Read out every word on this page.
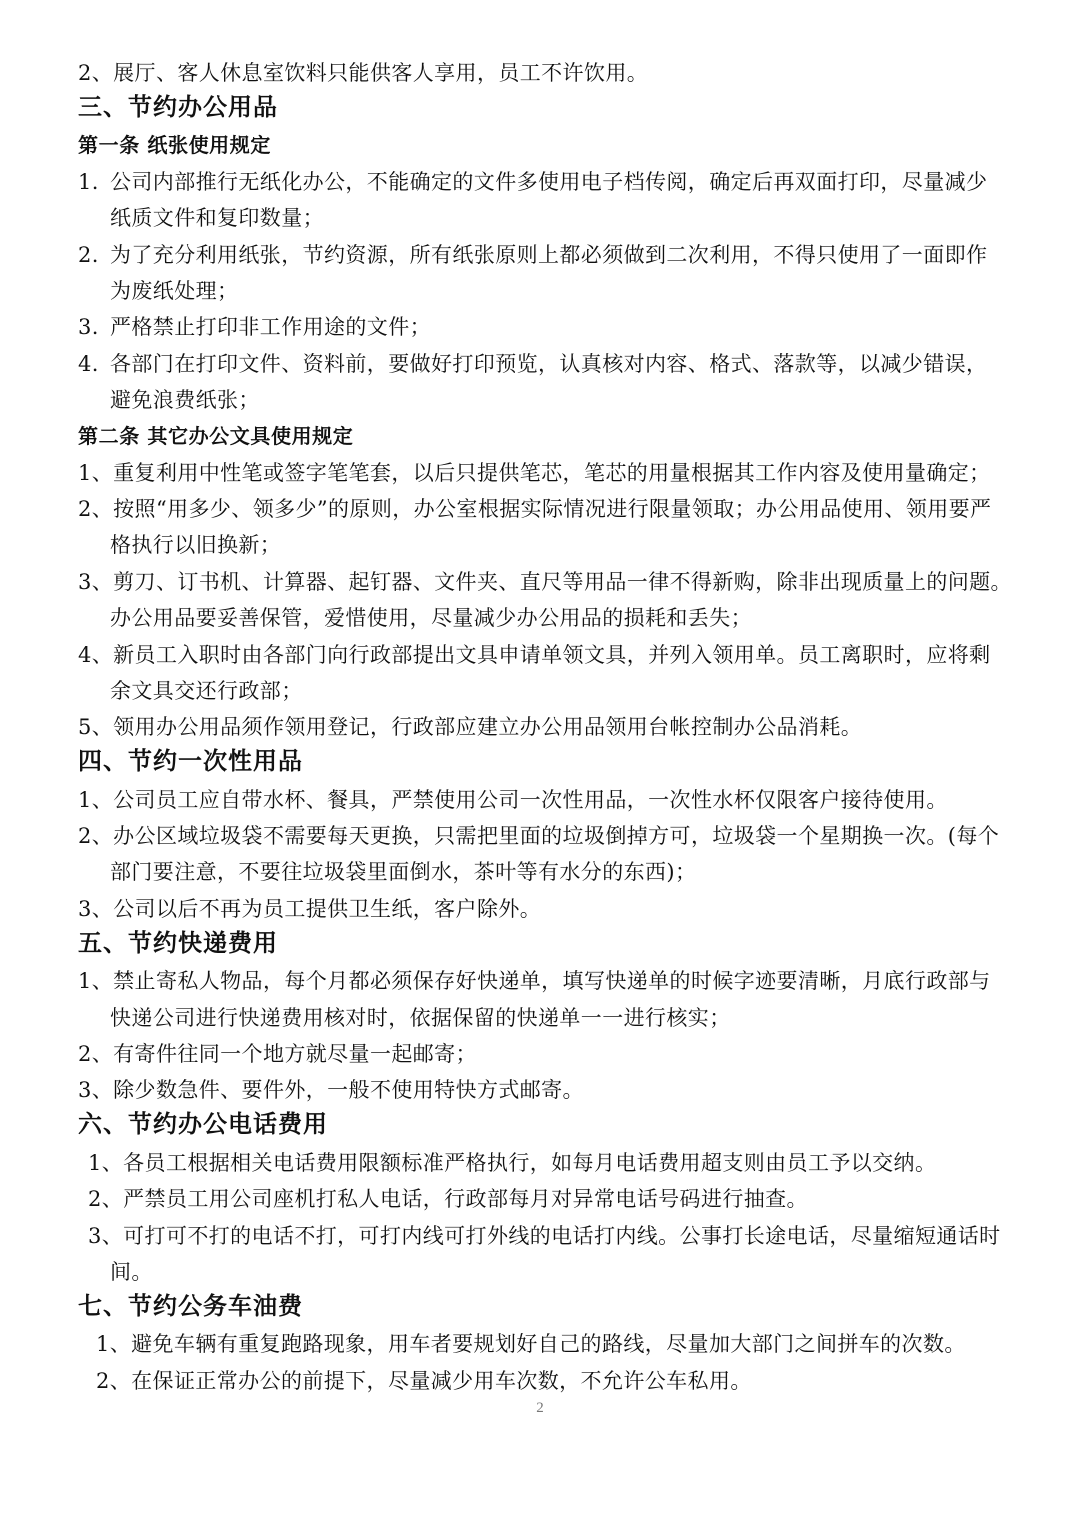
2、展厅、客人休息室饮料只能供客人享用，员工不许饮用。
三、节约办公用品
第一条 纸张使用规定
1. 公司内部推行无纸化办公，不能确定的文件多使用电子档传阅，确定后再双面打印，尽量减少
纸质文件和复印数量；
2. 为了充分利用纸张，节约资源，所有纸张原则上都必须做到二次利用，不得只使用了一面即作
为废纸处理；
3. 严格禁止打印非工作用途的文件；
4. 各部门在打印文件、资料前，要做好打印预览，认真核对内容、格式、落款等，以减少错误，
避免浪费纸张；
第二条 其它办公文具使用规定
1、重复利用中性笔或签字笔笔套，以后只提供笔芯，笔芯的用量根据其工作内容及使用量确定；
2、按照“用多少、领多少”的原则，办公室根据实际情况进行限量领取；办公用品使用、领用要严
格执行以旧换新；
3、剪刀、订书机、计算器、起钉器、文件夹、直尺等用品一律不得新购，除非出现质量上的问题。
办公用品要妥善保管，爱惜使用，尽量减少办公用品的损耗和丢失；
4、新员工入职时由各部门向行政部提出文具申请单领文具，并列入领用单。员工离职时，应将剩
余文具交还行政部；
5、领用办公用品须作领用登记，行政部应建立办公用品领用台帐控制办公品消耗。
四、节约一次性用品
1、公司员工应自带水杯、餐具，严禁使用公司一次性用品，一次性水杯仅限客户接待使用。
2、办公区域垃圾袋不需要每天更换，只需把里面的垃圾倒掉方可，垃圾袋一个星期换一次。(每个
部门要注意，不要往垃圾袋里面倒水，茶叶等有水分的东西)；
3、公司以后不再为员工提供卫生纸，客户除外。
五、节约快递费用
1、禁止寄私人物品，每个月都必须保存好快递单，填写快递单的时候字迹要清晰，月底行政部与
快递公司进行快递费用核对时，依据保留的快递单一一进行核实；
2、有寄件往同一个地方就尽量一起邮寄；
3、除少数急件、要件外，一般不使用特快方式邮寄。
六、节约办公电话费用
1、各员工根据相关电话费用限额标准严格执行，如每月电话费用超支则由员工予以交纳。
2、严禁员工用公司座机打私人电话，行政部每月对异常电话号码进行抽查。
3、可打可不打的电话不打，可打内线可打外线的电话打内线。公事打长途电话，尽量缩短通话时
间。
七、节约公务车油费
1、避免车辆有重复跑路现象，用车者要规划好自己的路线，尽量加大部门之间拼车的次数。
2、在保证正常办公的前提下，尽量减少用车次数，不允许公车私用。
2
